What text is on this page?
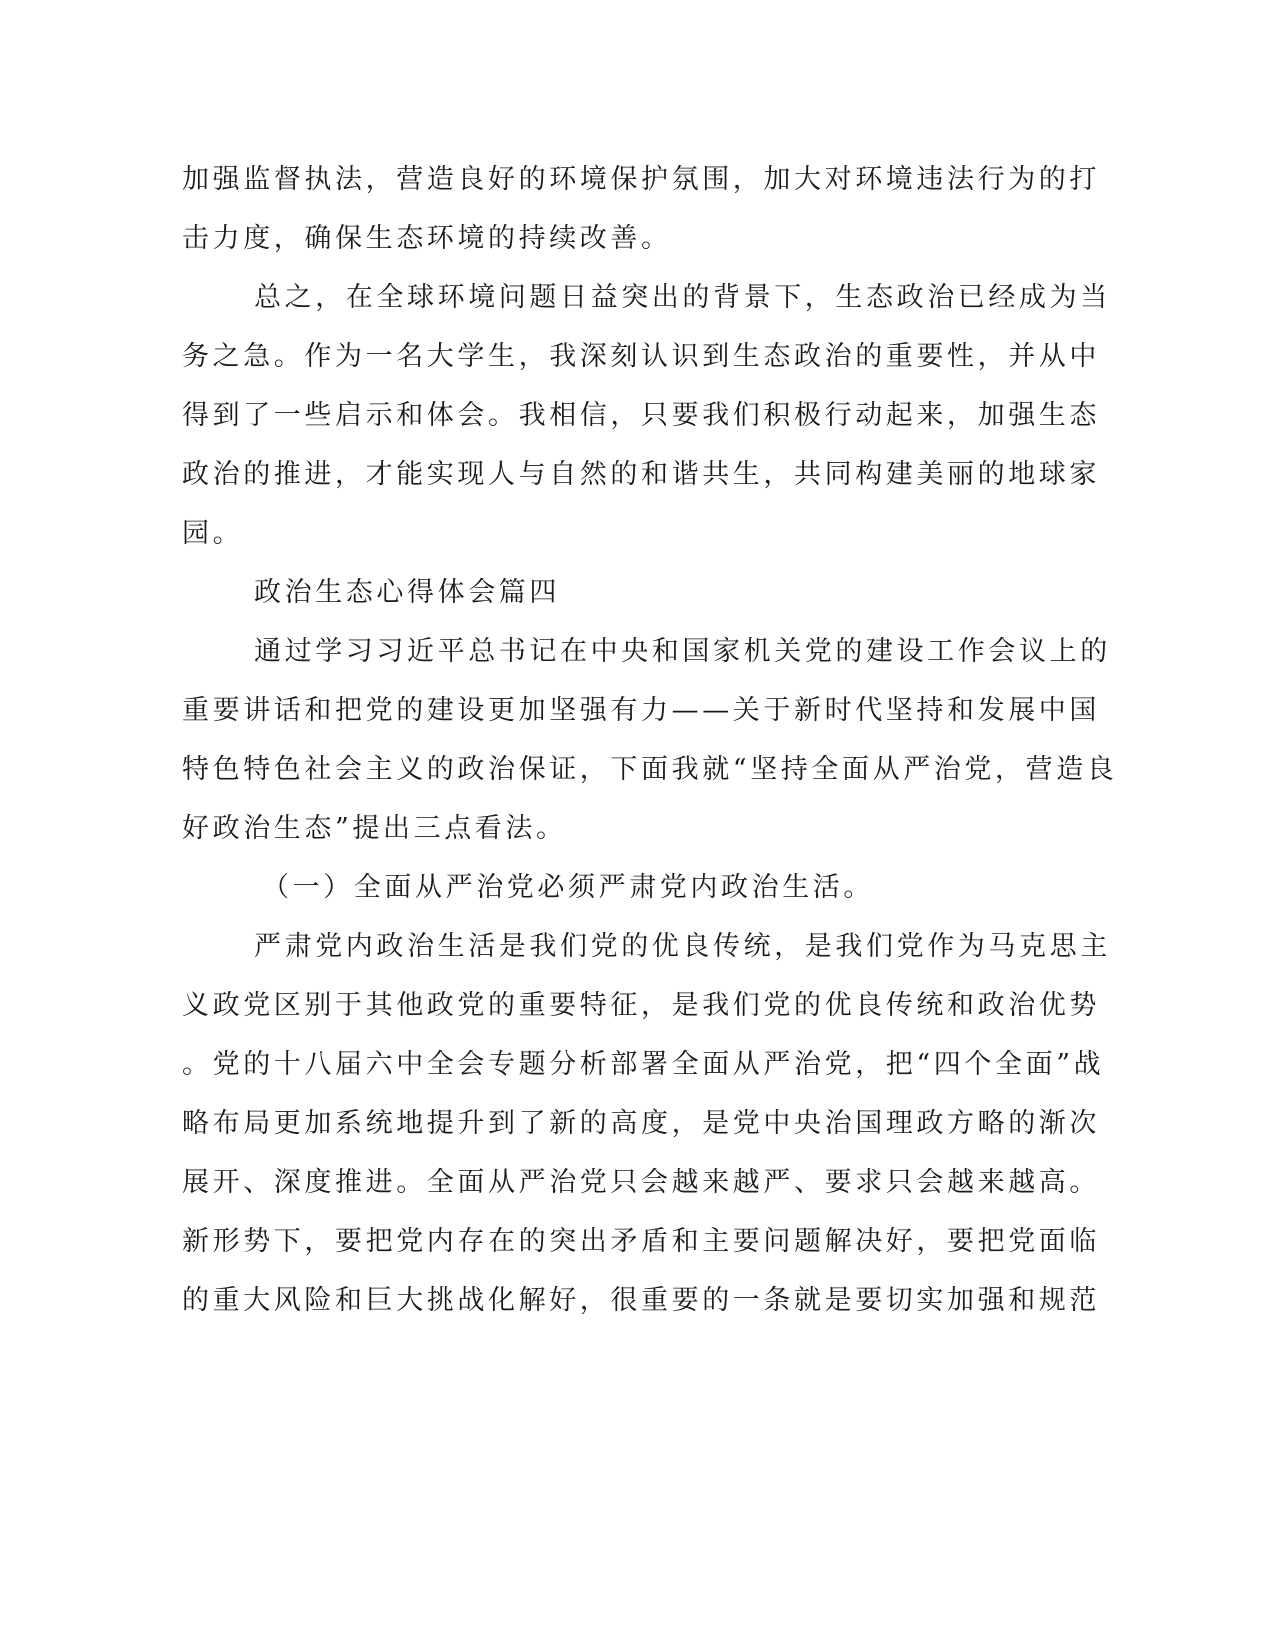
加强监督执法，营造良好的环境保护氛围，加大对环境违法行为的打
击力度，确保生态环境的持续改善。
总之，在全球环境问题日益突出的背景下，生态政治已经成为当
务之急。作为一名大学生，我深刻认识到生态政治的重要性，并从中
得到了一些启示和体会。我相信，只要我们积极行动起来，加强生态
政治的推进，才能实现人与自然的和谐共生，共同构建美丽的地球家
园。
政治生态心得体会篇四
通过学习习近平总书记在中央和国家机关党的建设工作会议上的
重要讲话和把党的建设更加坚强有力——关于新时代坚持和发展中国
特色特色社会主义的政治保证，下面我就“坚持全面从严治党，营造良
好政治生态”提出三点看法。
（一）全面从严治党必须严肃党内政治生活。
严肃党内政治生活是我们党的优良传统，是我们党作为马克思主
义政党区别于其他政党的重要特征，是我们党的优良传统和政治优势
。党的十八届六中全会专题分析部署全面从严治党，把“四个全面”战
略布局更加系统地提升到了新的高度，是党中央治国理政方略的渐次
展开、深度推进。全面从严治党只会越来越严、要求只会越来越高。
新形势下，要把党内存在的突出矛盾和主要问题解决好，要把党面临
的重大风险和巨大挑战化解好，很重要的一条就是要切实加强和规范
